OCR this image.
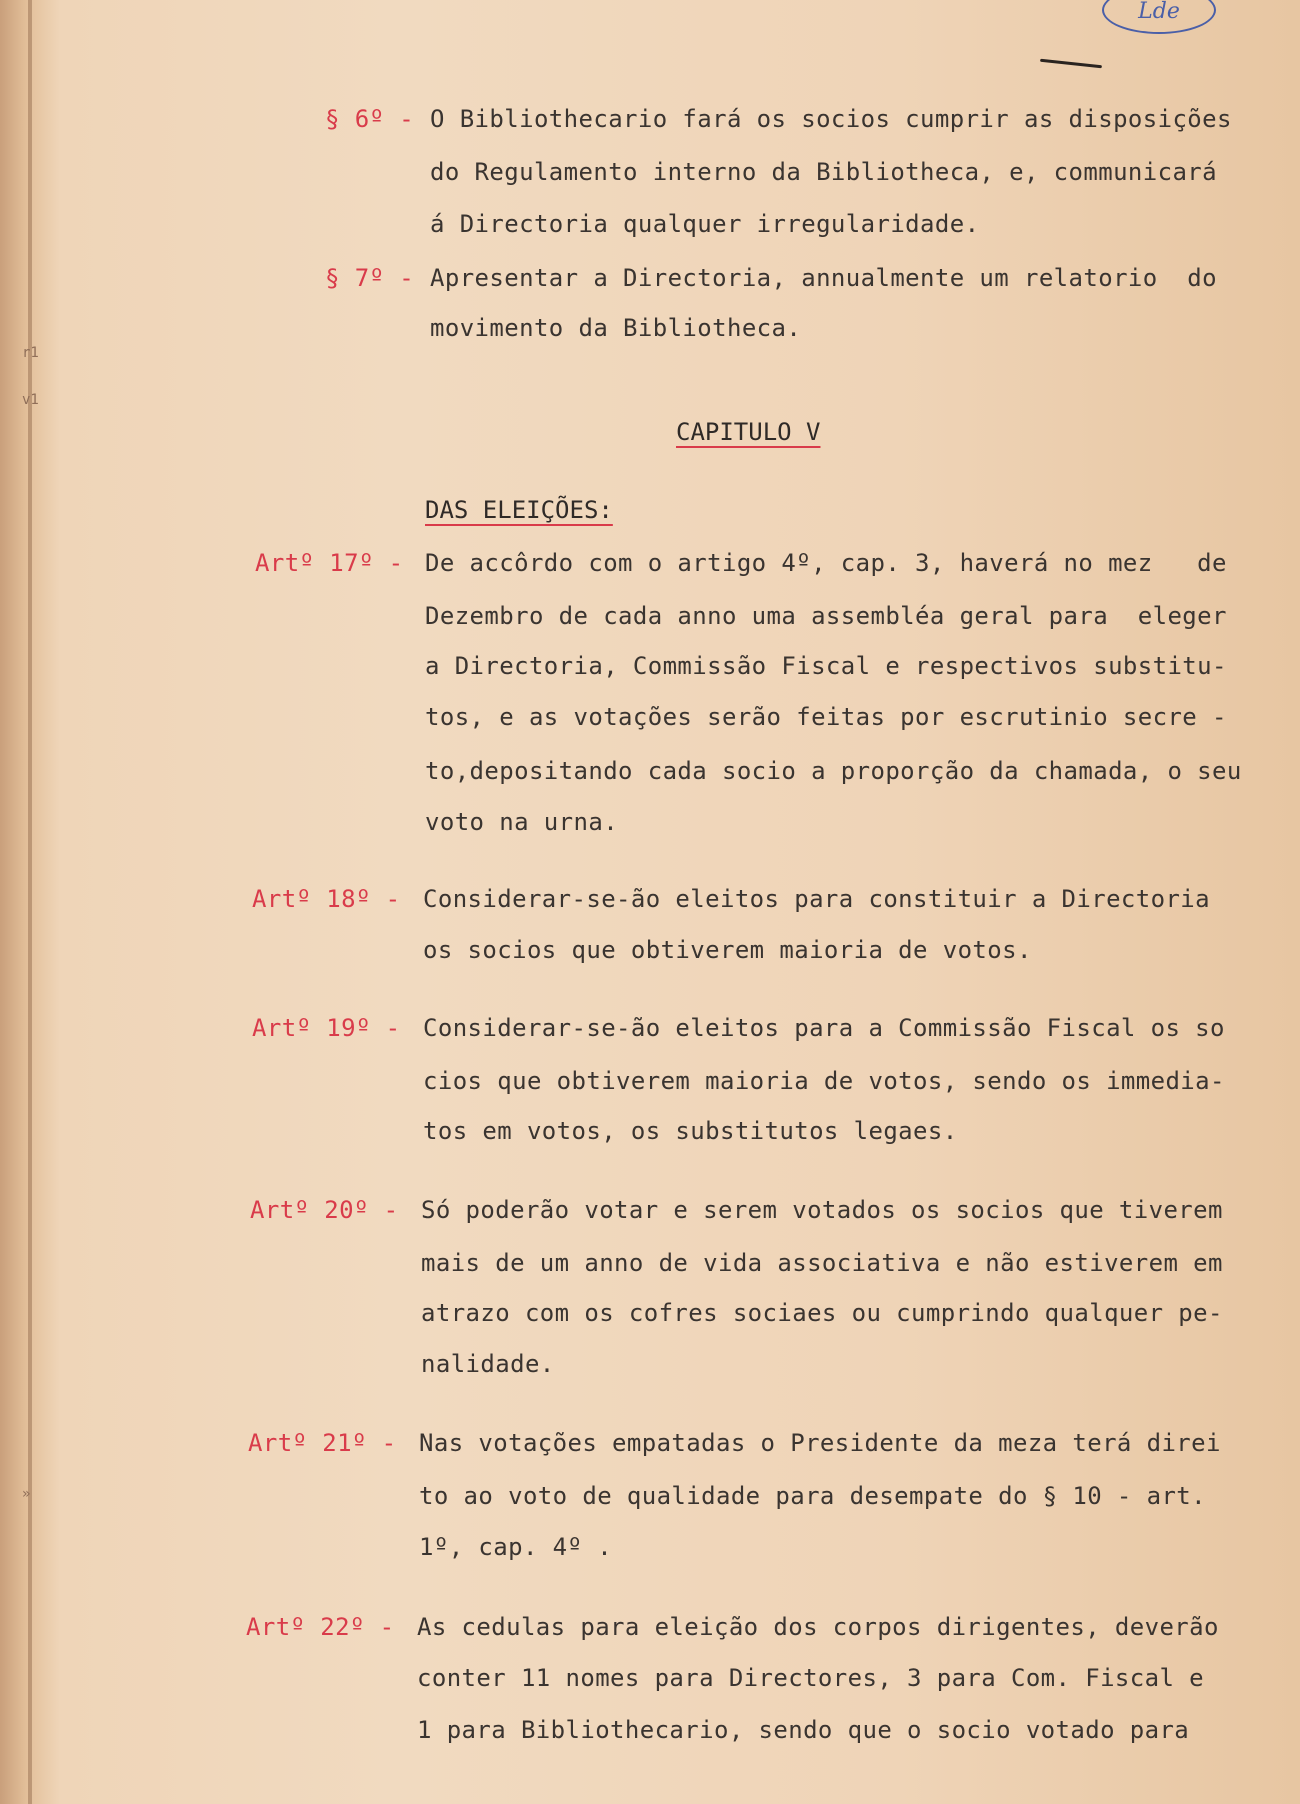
r1
v1
»
Lde
§ 6º - O Bibliothecario fará os socios cumprir as disposições
do Regulamento interno da Bibliotheca, e, communicará
á Directoria qualquer irregularidade.
§ 7º - Apresentar a Directoria, annualmente um relatorio  do
movimento da Bibliotheca.
CAPITULO V
DAS ELEIÇÕES:
Artº 17º - De accôrdo com o artigo 4º, cap. 3, haverá no mez   de
Dezembro de cada anno uma assembléa geral para  eleger
a Directoria, Commissão Fiscal e respectivos substitu-
tos, e as votações serão feitas por escrutinio secre -
to,depositando cada socio a proporção da chamada, o seu
voto na urna.
Artº 18º - Considerar-se-ão eleitos para constituir a Directoria
os socios que obtiverem maioria de votos.
Artº 19º - Considerar-se-ão eleitos para a Commissão Fiscal os so
cios que obtiverem maioria de votos, sendo os immedia-
tos em votos, os substitutos legaes.
Artº 20º - Só poderão votar e serem votados os socios que tiverem
mais de um anno de vida associativa e não estiverem em
atrazo com os cofres sociaes ou cumprindo qualquer pe-
nalidade.
Artº 21º - Nas votações empatadas o Presidente da meza terá direi
to ao voto de qualidade para desempate do § 10 - art.
1º, cap. 4º .
Artº 22º - As cedulas para eleição dos corpos dirigentes, deverão
conter 11 nomes para Directores, 3 para Com. Fiscal e
1 para Bibliothecario, sendo que o socio votado para
